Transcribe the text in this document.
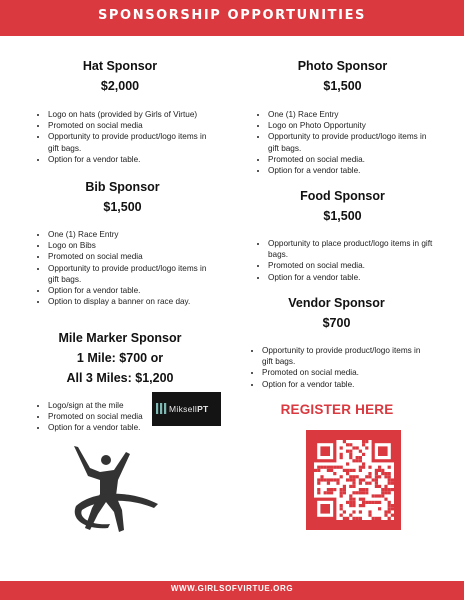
SPONSORSHIP OPPORTUNITIES
Hat Sponsor
$2,000
• Logo on hats (provided by Girls of Virtue)
• Promoted on social media
• Opportunity to provide product/logo items in gift bags.
• Option for a vendor table.
Bib Sponsor
$1,500
• One (1) Race Entry
• Logo on Bibs
• Promoted on social media
• Opportunity to provide product/logo items in gift bags.
• Option for a vendor table.
• Option to display a banner on race day.
Mile Marker Sponsor
1 Mile: $700 or
All 3 Miles: $1,200
• Logo/sign at the mile
• Promoted on social media
• Option for a vendor table.
MiksellPT
Photo Sponsor
$1,500
• One (1) Race Entry
• Logo on Photo Opportunity
• Opportunity to provide product/logo items in gift bags.
• Promoted on social media.
• Option for a vendor table.
Food Sponsor
$1,500
• Opportunity to place product/logo items in gift bags.
• Promoted on social media.
• Option for a vendor table.
Vendor Sponsor
$700
• Opportunity to provide product/logo items in gift bags.
• Promoted on social media.
• Option for a vendor table.
REGISTER HERE
WWW.GIRLSOFVIRTUE.ORG
